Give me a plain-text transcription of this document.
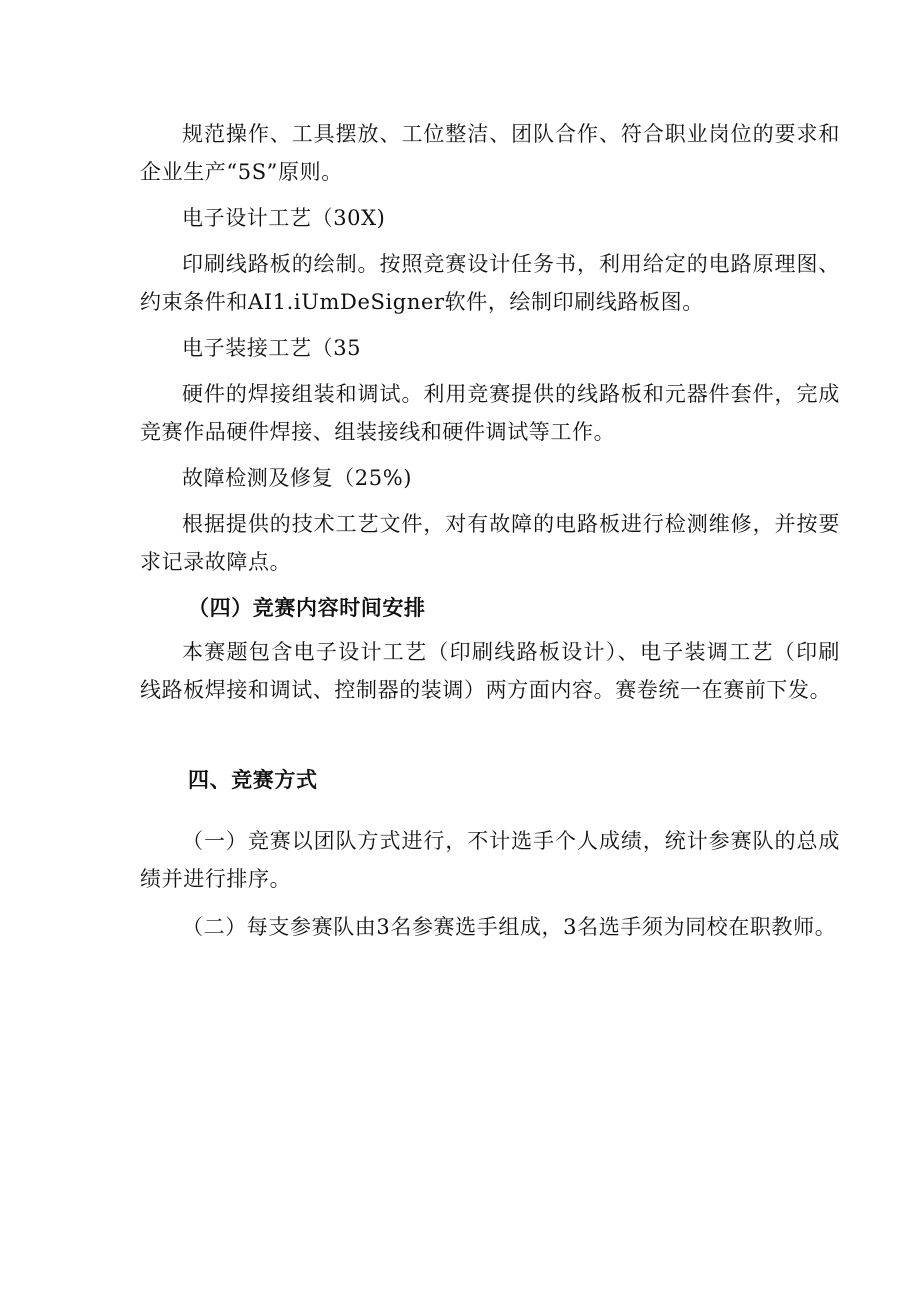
规范操作、工具摆放、工位整洁、团队合作、符合职业岗位的要求和企业生产“5S”原则。

电子设计工艺（30X)

印刷线路板的绘制。按照竞赛设计任务书，利用给定的电路原理图、约束条件和AI1.iUmDeSigner软件，绘制印刷线路板图。

电子装接工艺（35

硬件的焊接组装和调试。利用竞赛提供的线路板和元器件套件，完成竞赛作品硬件焊接、组装接线和硬件调试等工作。

故障检测及修复（25%)

根据提供的技术工艺文件，对有故障的电路板进行检测维修，并按要求记录故障点。

（四）竞赛内容时间安排

本赛题包含电子设计工艺（印刷线路板设计）、电子装调工艺（印刷线路板焊接和调试、控制器的装调）两方面内容。赛卷统一在赛前下发。

四、竞赛方式

（一）竞赛以团队方式进行，不计选手个人成绩，统计参赛队的总成绩并进行排序。

（二）每支参赛队由3名参赛选手组成，3名选手须为同校在职教师。
